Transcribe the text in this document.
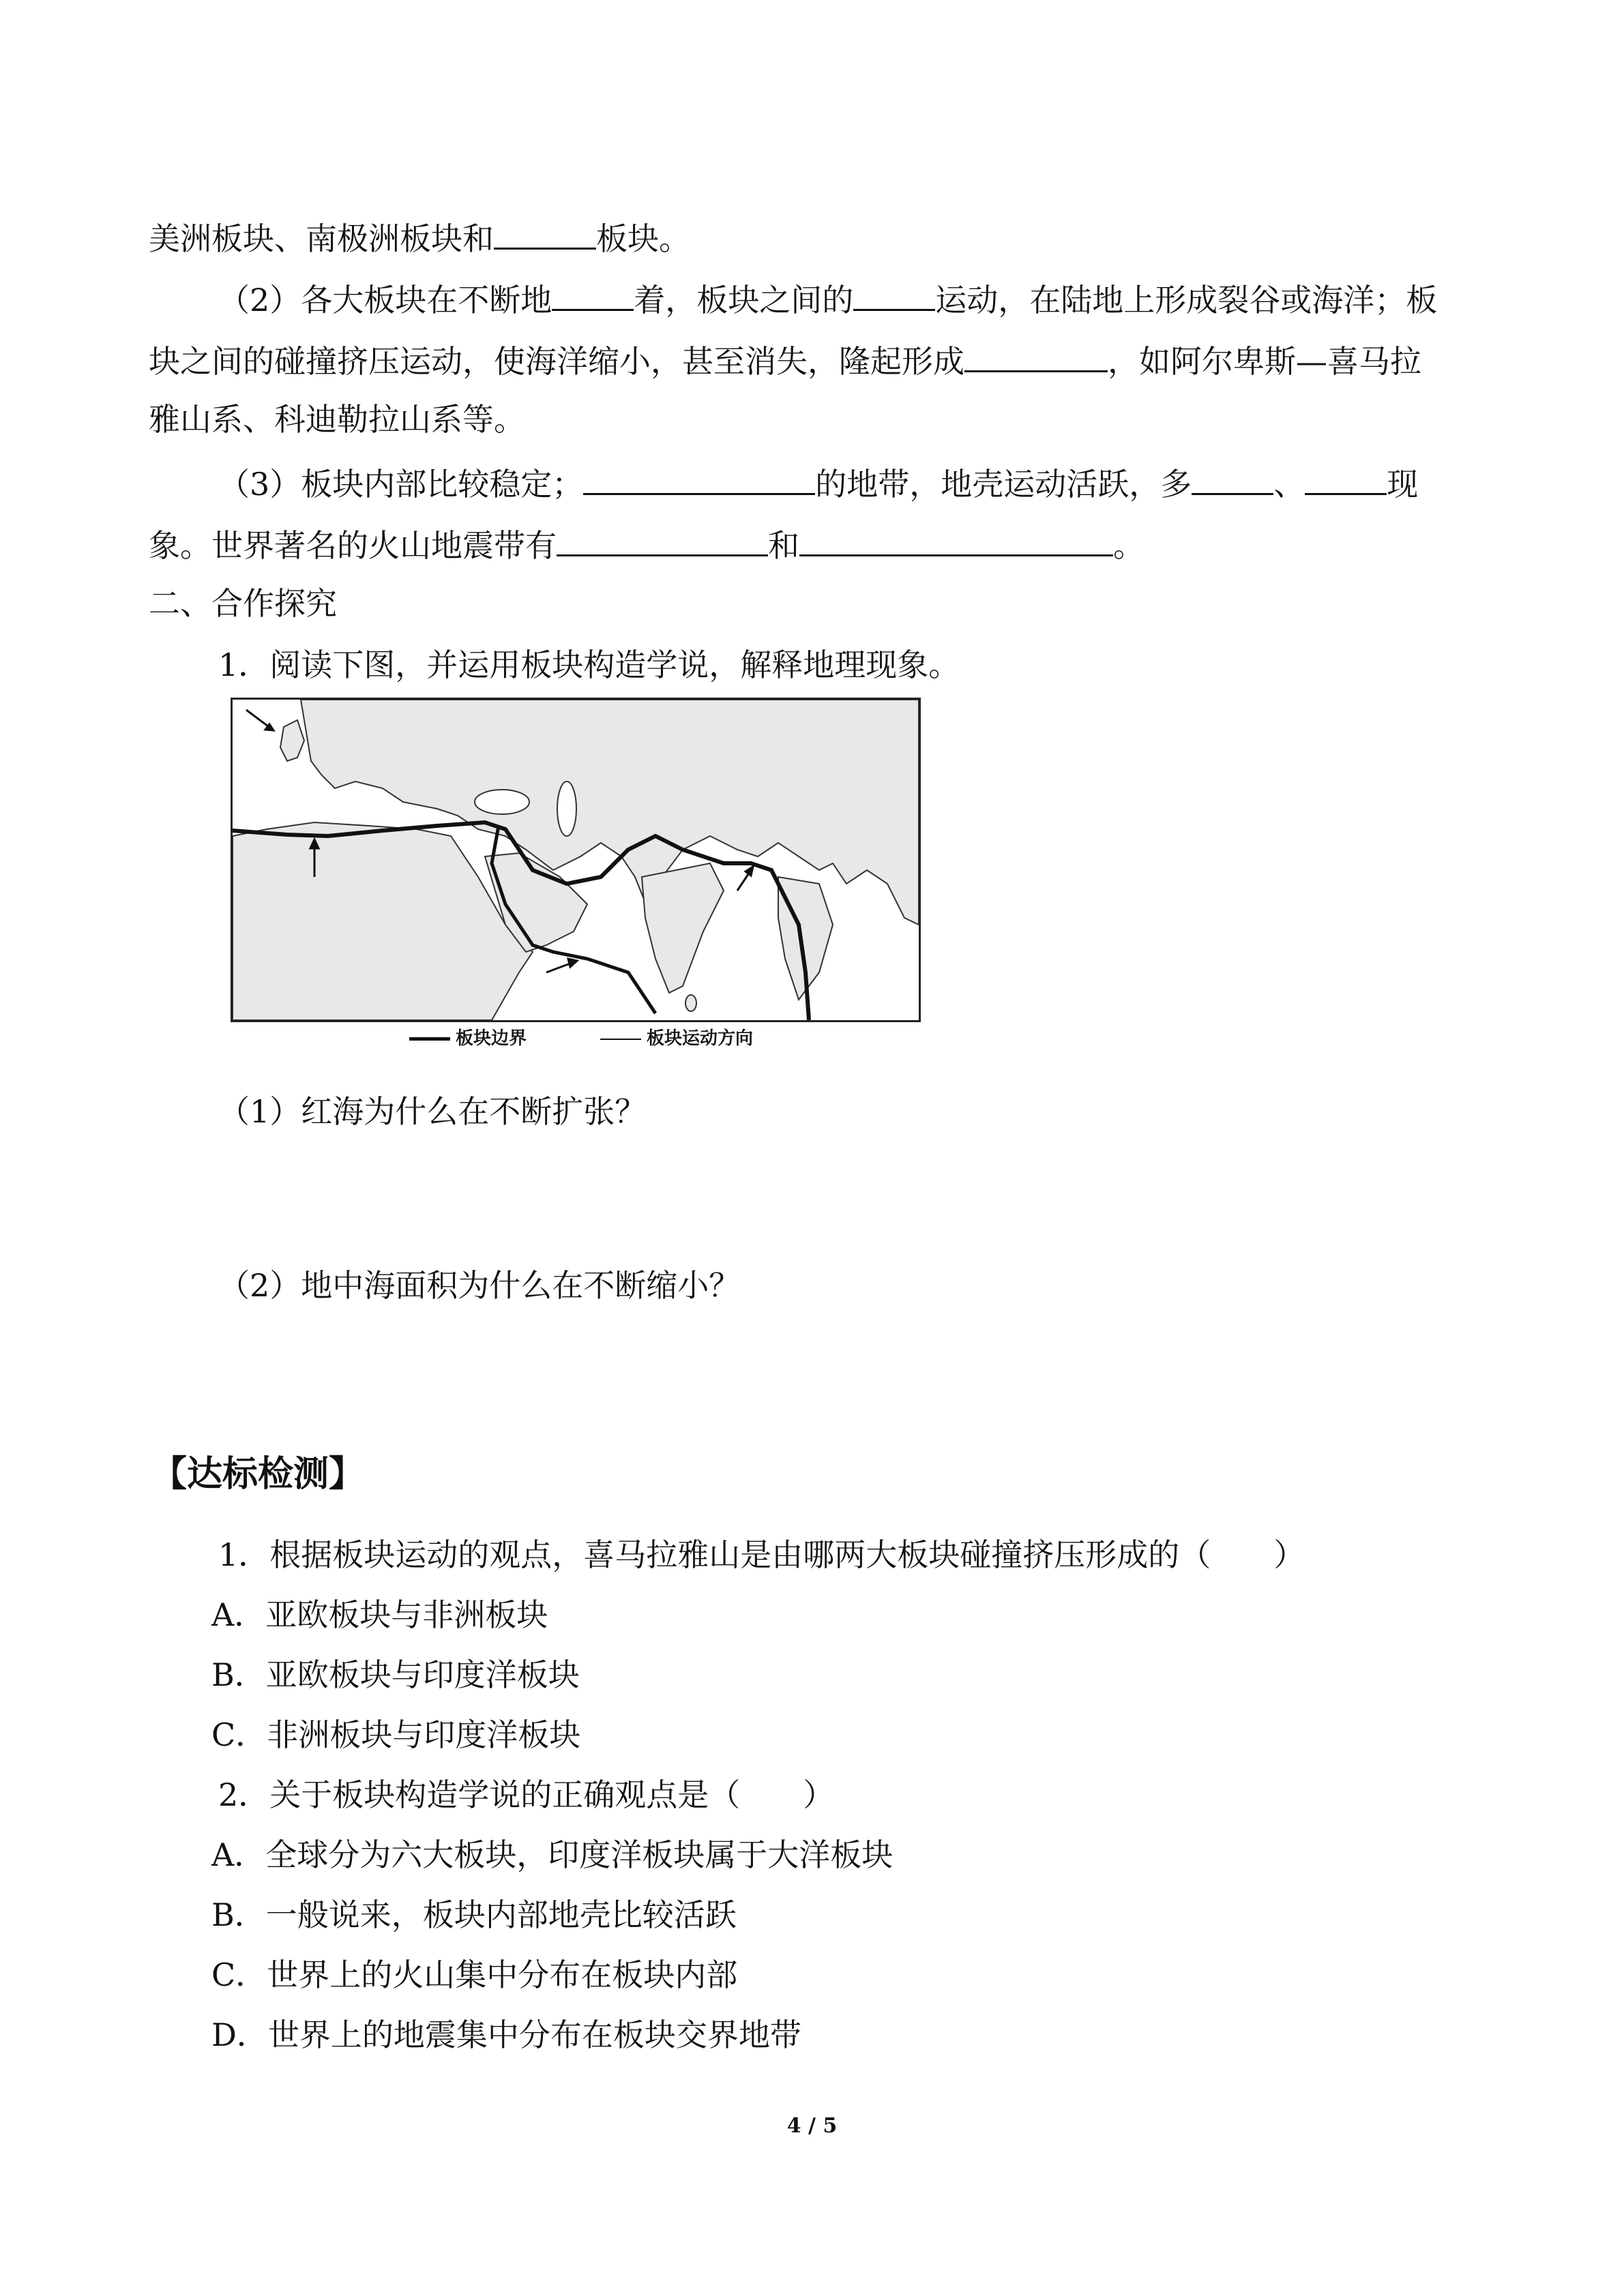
美洲板块、南极洲板块和	板块。
（2）各大板块在不断地	着，板块之间的	运动，在陆地上形成裂谷或海洋；板
块之间的碰撞挤压运动，使海洋缩小，甚至消失，隆起形成	，如阿尔卑斯—喜马拉
雅山系、科迪勒拉山系等。
（3）板块内部比较稳定；	的地带，地壳运动活跃，多	、	现
象。世界著名的火山地震带有	和	。
二、合作探究
1．阅读下图，并运用板块构造学说，解释地理现象。
板块边界	板块运动方向
（1）红海为什么在不断扩张？
（2）地中海面积为什么在不断缩小？
【达标检测】
1．根据板块运动的观点，喜马拉雅山是由哪两大板块碰撞挤压形成的（　　）
A．亚欧板块与非洲板块
B．亚欧板块与印度洋板块
C．非洲板块与印度洋板块
2．关于板块构造学说的正确观点是（　　）
A．全球分为六大板块，印度洋板块属于大洋板块
B．一般说来，板块内部地壳比较活跃
C．世界上的火山集中分布在板块内部
D．世界上的地震集中分布在板块交界地带
4 / 5
